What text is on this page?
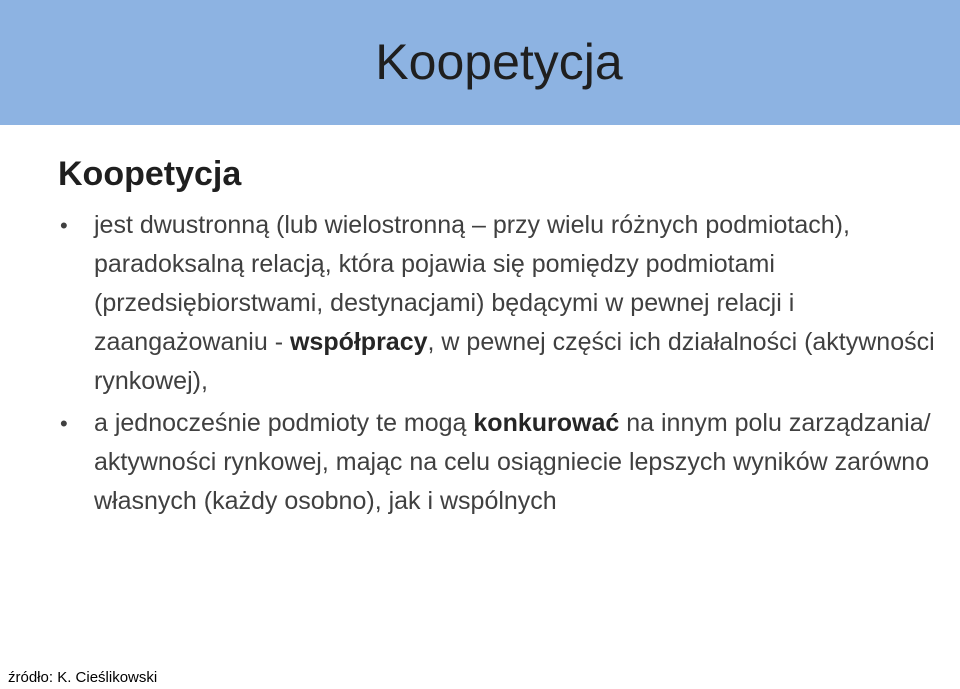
Koopetycja
Koopetycja
• jest dwustronną (lub wielostronną – przy wielu różnych podmiotach), paradoksalną relacją, która pojawia się pomiędzy podmiotami (przedsiębiorstwami, destynacjami) będącymi w pewnej relacji i zaangażowaniu - współpracy, w pewnej części ich działalności (aktywności rynkowej),
• a jednocześnie podmioty te mogą konkurować na innym polu zarządzania/ aktywności rynkowej, mając na celu osiągniecie lepszych wyników zarówno własnych (każdy osobno), jak i wspólnych
źródło: K. Cieślikowski
